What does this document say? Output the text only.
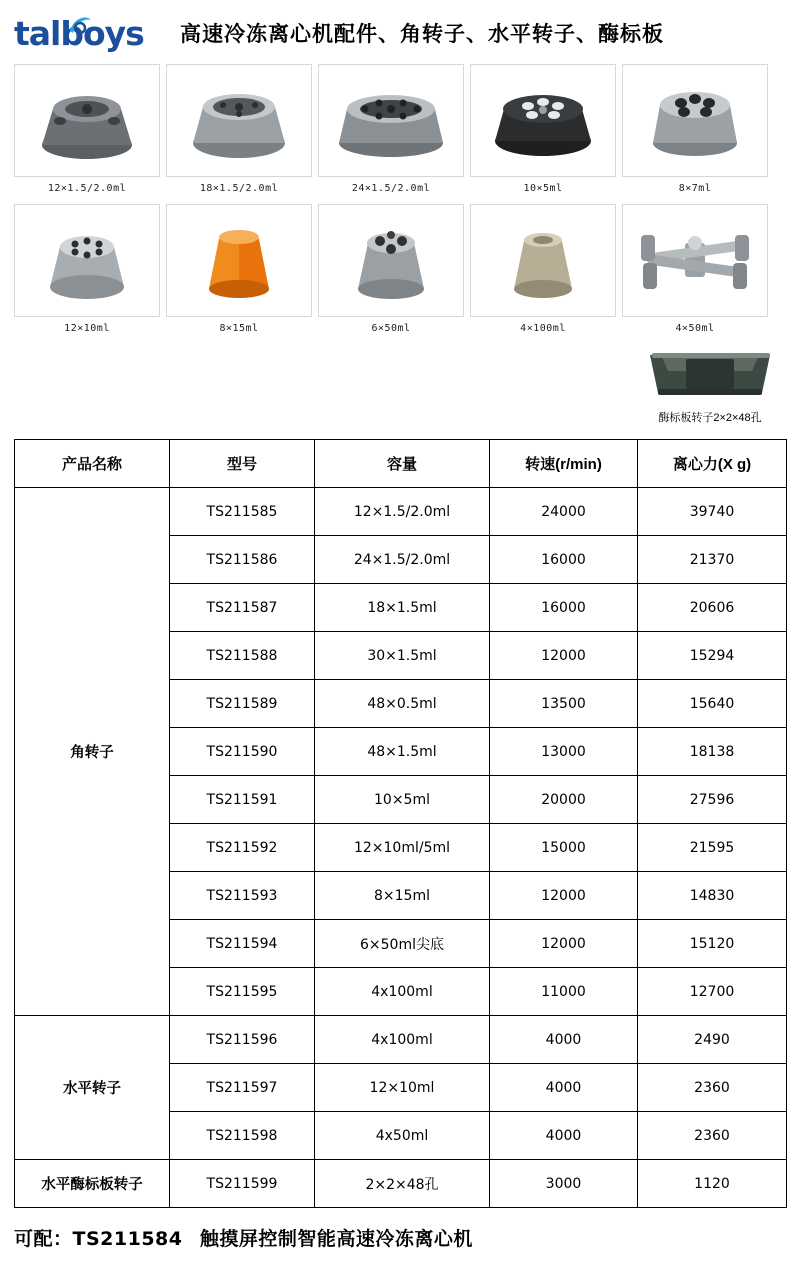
talboys	高速冷冻离心机配件、角转子、水平转子、酶标板
12×1.5/2.0ml	18×1.5/2.0ml	24×1.5/2.0ml	10×5ml	8×7ml
12×10ml	8×15ml	6×50ml	4×100ml	4×50ml
酶标板转子2×2×48孔
产品名称	型号	容量	转速(r/min)	离心力(X g)
角转子	TS211585	12×1.5/2.0ml	24000	39740
	TS211586	24×1.5/2.0ml	16000	21370
	TS211587	18×1.5ml	16000	20606
	TS211588	30×1.5ml	12000	15294
	TS211589	48×0.5ml	13500	15640
	TS211590	48×1.5ml	13000	18138
	TS211591	10×5ml	20000	27596
	TS211592	12×10ml/5ml	15000	21595
	TS211593	8×15ml	12000	14830
	TS211594	6×50ml尖底	12000	15120
	TS211595	4x100ml	11000	12700
水平转子	TS211596	4x100ml	4000	2490
	TS211597	12×10ml	4000	2360
	TS211598	4x50ml	4000	2360
水平酶标板转子	TS211599	2×2×48孔	3000	1120
可配：TS211584 触摸屏控制智能高速冷冻离心机
